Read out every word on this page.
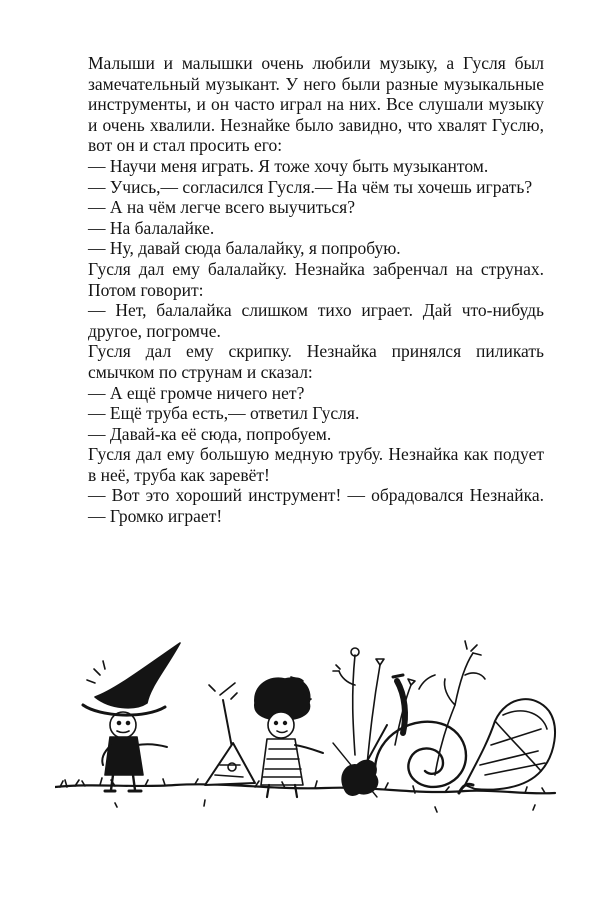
Малыши и малышки очень любили музыку, а Гусля был замечательный музыкант. У него были разные музыкальные инструменты, и он часто играл на них. Все слушали музыку и очень хвалили. Незнайке было завидно, что хвалят Гуслю, вот он и стал просить его:

— Научи меня играть. Я тоже хочу быть музыкантом.

— Учись,— согласился Гусля.— На чём ты хочешь играть?

— А на чём легче всего выучиться?

— На балалайке.

— Ну, давай сюда балалайку, я попробую.

Гусля дал ему балалайку. Незнайка забренчал на струнах. Потом говорит:

— Нет, балалайка слишком тихо играет. Дай что-нибудь другое, погромче.

Гусля дал ему скрипку. Незнайка принялся пиликать смычком по струнам и сказал:

— А ещё громче ничего нет?

— Ещё труба есть,— ответил Гусля.

— Давай-ка её сюда, попробуем.

Гусля дал ему большую медную трубу. Незнайка как подует в неё, труба как заревёт!

— Вот это хороший инструмент! — обрадовался Незнайка.— Громко играет!
